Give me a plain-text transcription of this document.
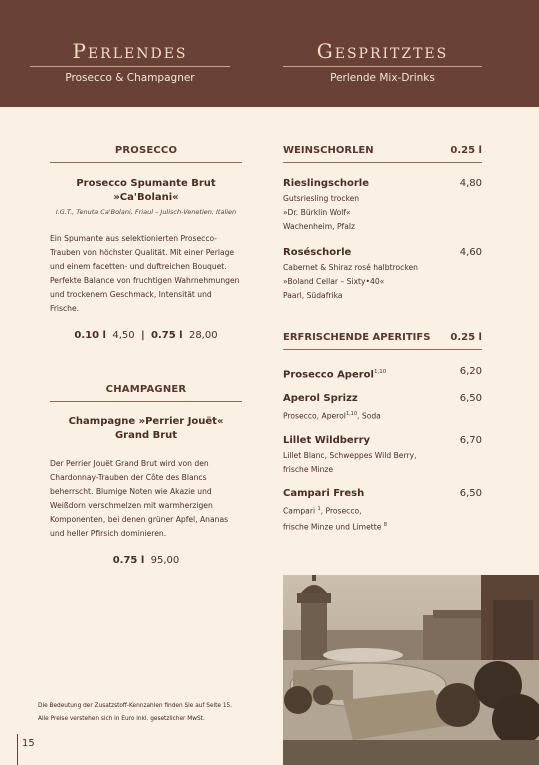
Perlendes
Prosecco & Champagner
Gespritztes
Perlende Mix-Drinks
PROSECCO
Prosecco Spumante Brut
»Ca'Bolani«
I.G.T., Tenuta Ca'Bolani, Friaul – Julisch-Venetien, Italien
Ein Spumante aus selektionierten Prosecco-Trauben von höchster Qualität. Mit einer Perlage und einem facetten- und duftreichen Bouquet. Perfekte Balance von fruchtigen Wahrnehmungen und trockenem Geschmack, Intensität und Frische.
0.10 l 4,50 | 0.75 l 28,00
CHAMPAGNER
Champagne »Perrier Jouët« Grand Brut
Der Perrier Jouët Grand Brut wird von den Chardonnay-Trauben der Côte des Blancs beherrscht. Blumige Noten wie Akazie und Weißdorn verschmelzen mit warmherzigen Komponenten, bei denen grüner Apfel, Ananas und heller Pfirsich dominieren.
0.75 l 95,00
WEINSCHORLEN	0.25 l
Rieslingschorle	4,80
Gutsriesling trocken
»Dr. Bürklin Wolf«
Wachenheim, Pfalz
Roséschorle	4,60
Cabernet & Shiraz rosé halbtrocken
»Boland Cellar – Sixty•40«
Paarl, Südafrika
ERFRISCHENDE APERITIFS 0.25 l
Prosecco Aperol$^{1,10}$	6,20
Aperol Sprizz	6,50
Prosecco, Aperol$^{1,10}$, Soda
Lillet Wildberry	6,70
Lillet Blanc, Schweppes Wild Berry,
frische Minze
Campari Fresh	6,50
Campari $^1$, Prosecco,
frische Minze und Limette $^8$
Die Bedeutung der Zusatzstoff-Kennzahlen finden Sie auf Seite 15.
Alle Preise verstehen sich in Euro inkl. gesetzlicher MwSt.
15
